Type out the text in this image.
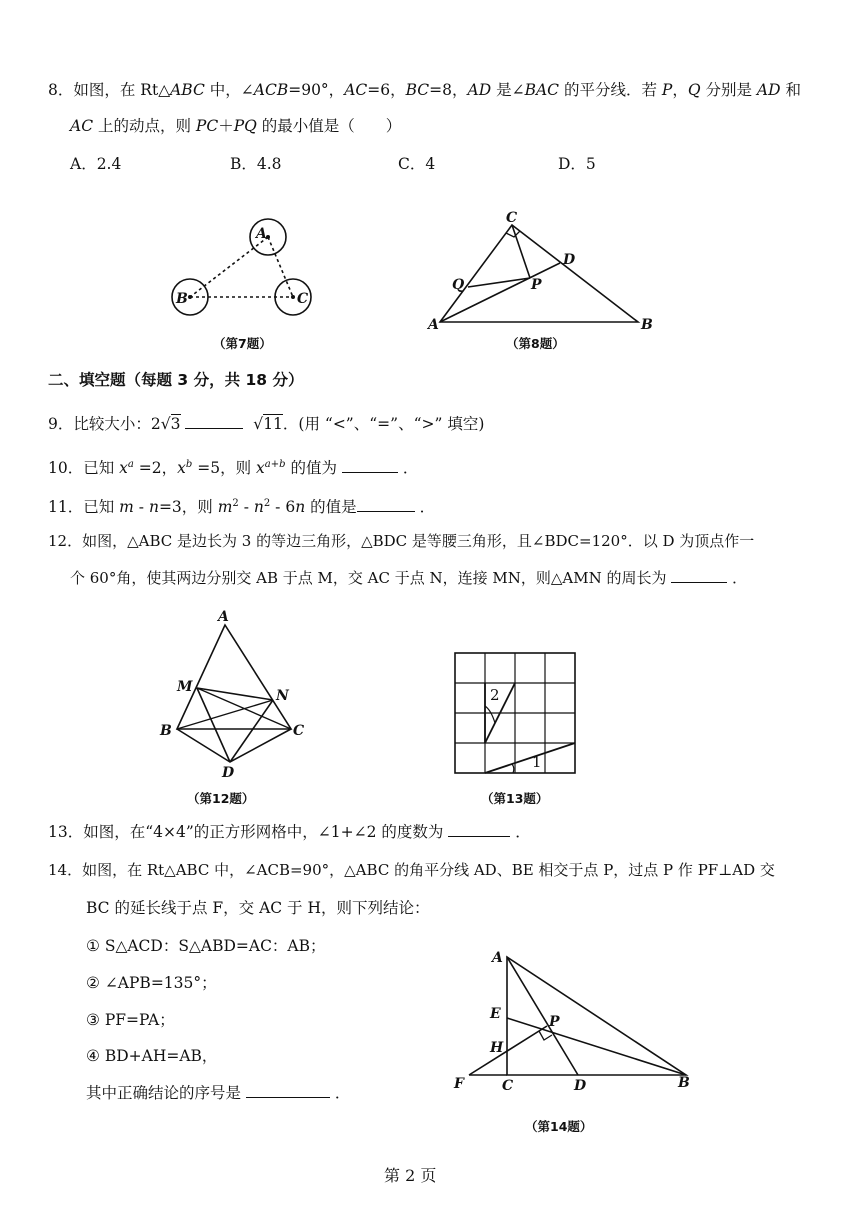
8．如图，在 Rt△ABC 中，∠ACB=90°，AC=6，BC=8，AD 是∠BAC 的平分线．若 P，Q 分别是 AD 和
AC 上的动点，则 PC＋PQ 的最小值是（　　）
A．2.4	B．4.8	C．4	D．5
A
B	C
（第7题）
C
D
Q	P
A	B
（第8题）
二、填空题（每题 3 分，共 18 分）
9．比较大小：2√3	√11．(用 “<”、“=”、“>” 填空)
10．已知 $x^a =2$，$x^b =5$，则 $x^{a+b}$ 的值为	．
11．已知 m - n=3，则 $m^2 - n^2 - 6n$ 的值是	．
12．如图，△ABC 是边长为 3 的等边三角形，△BDC 是等腰三角形，且∠BDC=120°．以 D 为顶点作一
个 60°角，使其两边分别交 AB 于点 M，交 AC 于点 N，连接 MN，则△AMN 的周长为	．
A
M
N
B	C
D
（第12题）
2
1
（第13题）
13．如图，在“4×4”的正方形网格中，∠1+∠2 的度数为	．
14．如图，在 Rt△ABC 中，∠ACB=90°，△ABC 的角平分线 AD、BE 相交于点 P，过点 P 作 PF⊥AD 交
BC 的延长线于点 F，交 AC 于 H，则下列结论：
① S△ACD：S△ABD=AC：AB；
② ∠APB=135°；
③ PF=PA；
④ BD+AH=AB，
其中正确结论的序号是	．
A
E	P
H
F	C	D	B
（第14题）
第 2 页
